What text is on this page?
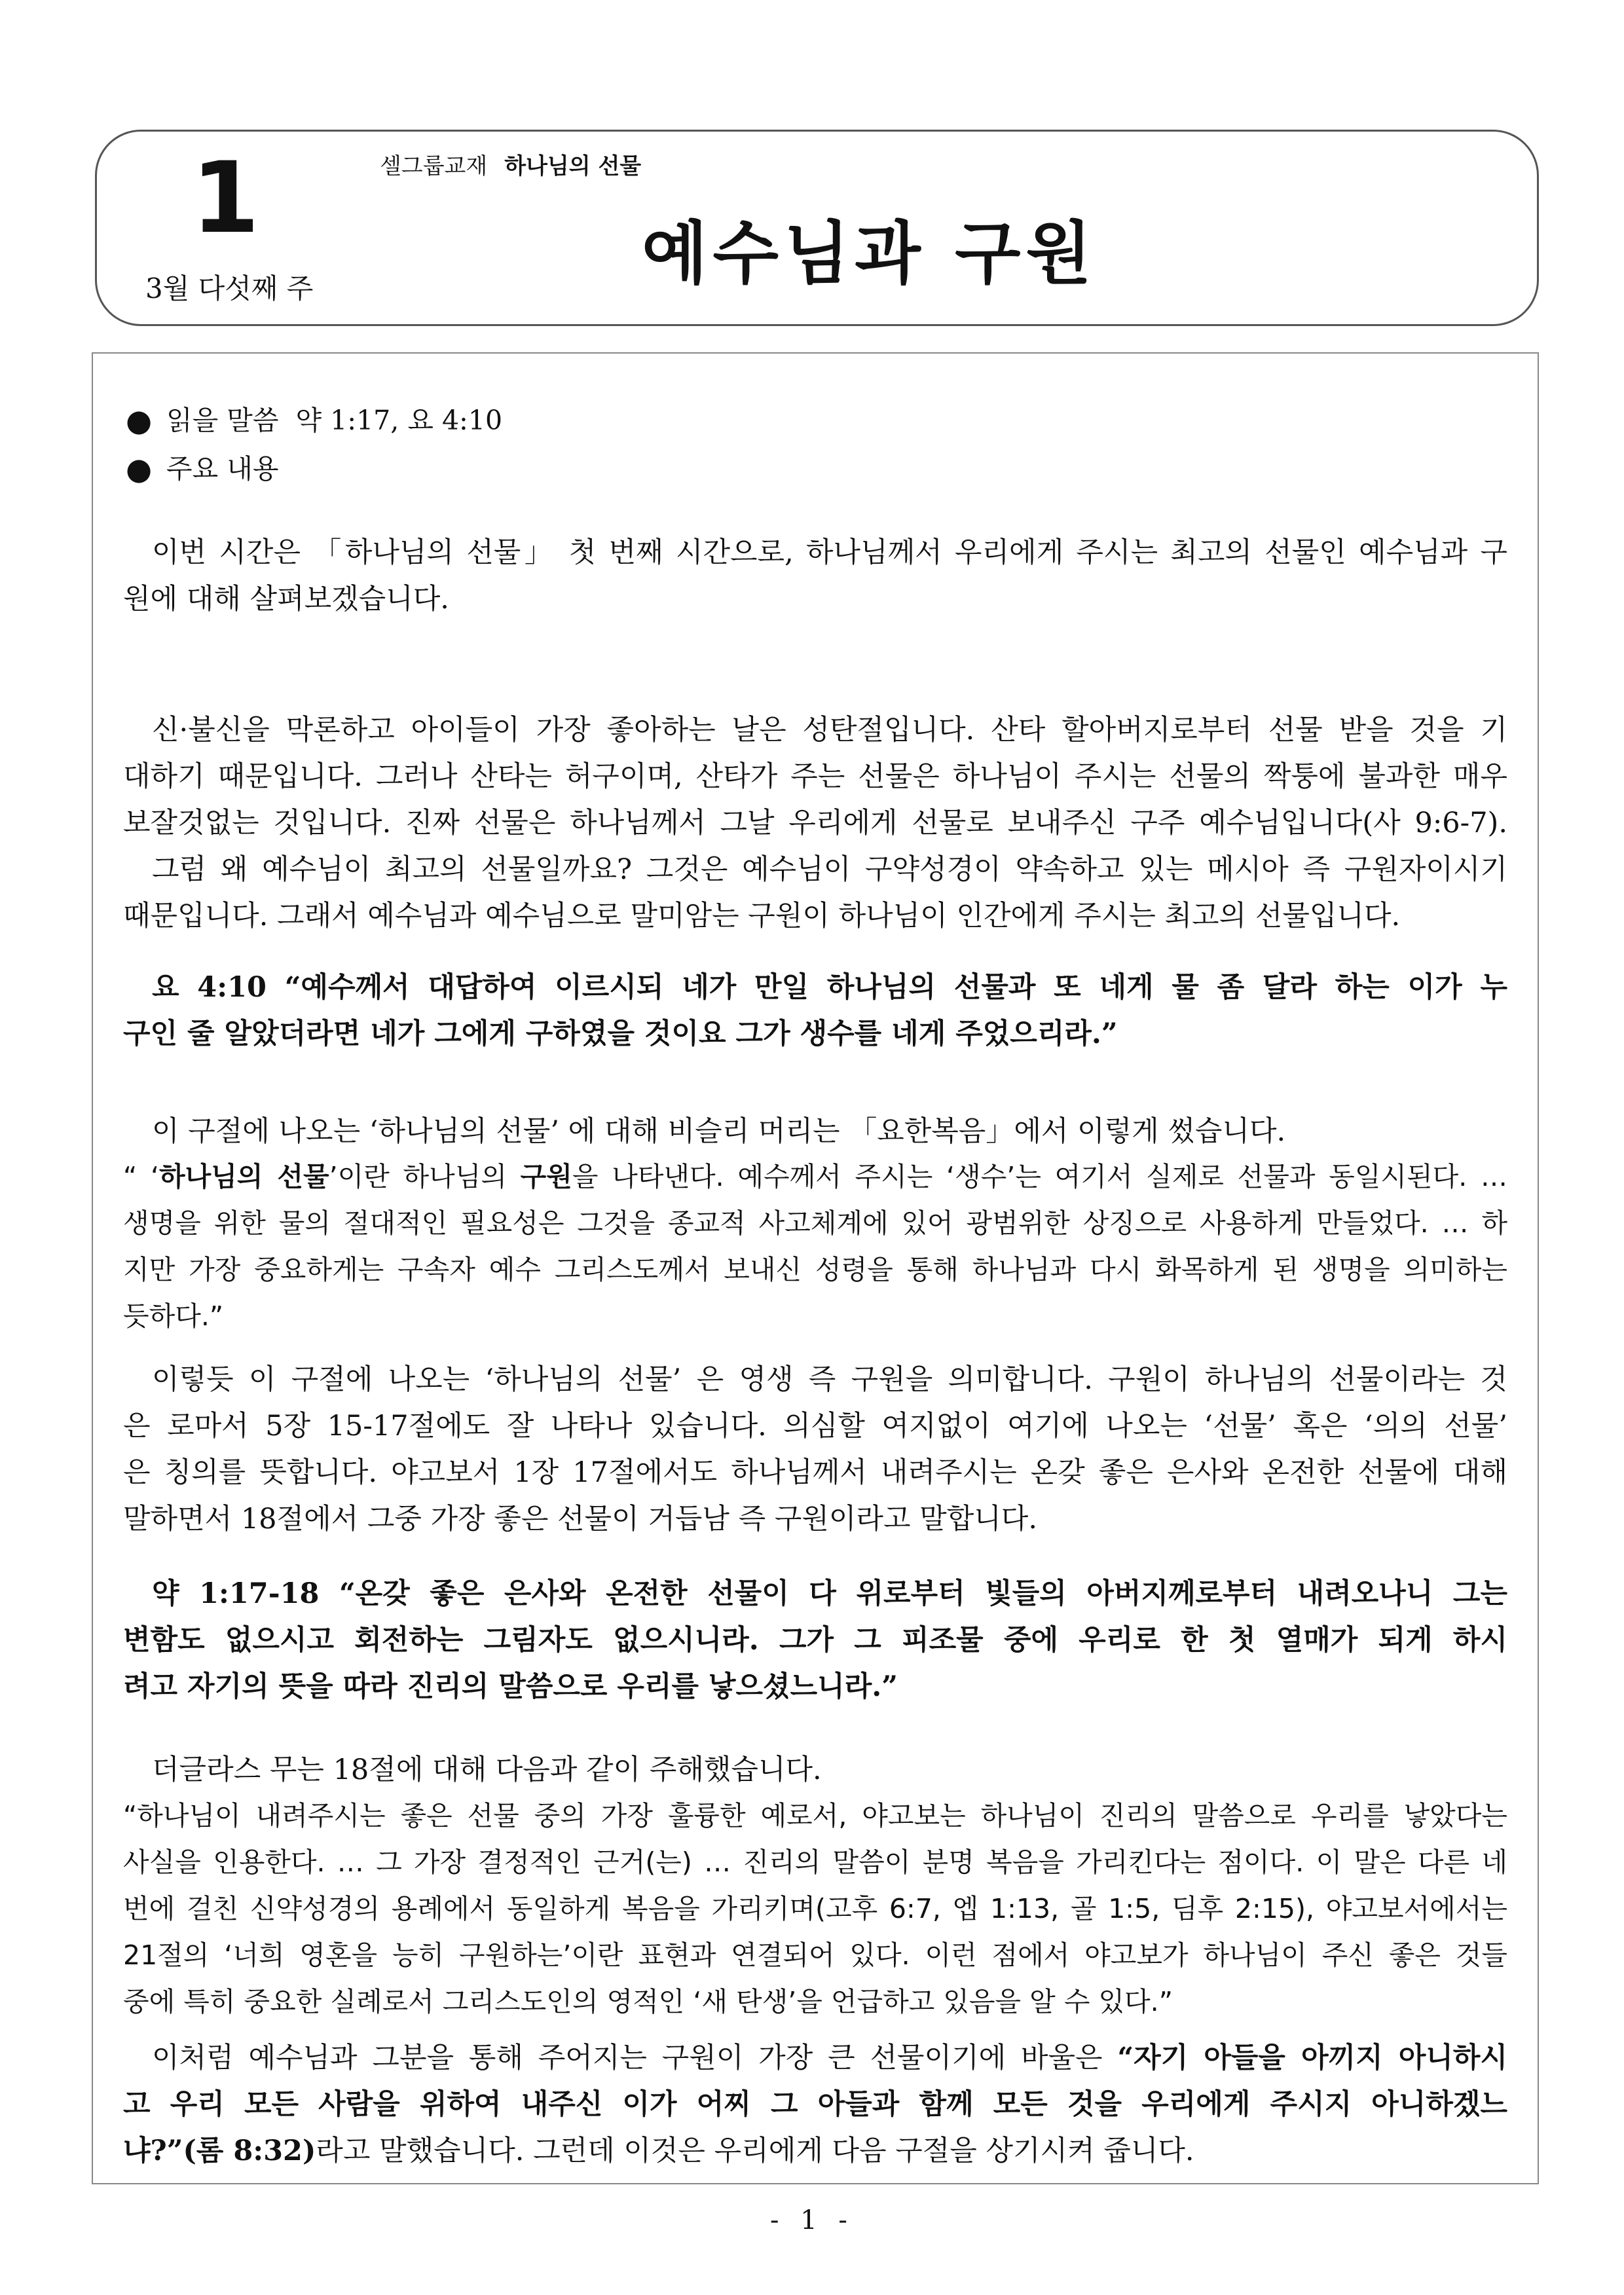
1
3월 다섯째 주
셀그룹교재 하나님의 선물
예수님과 구원
● 읽을 말씀 약 1:17, 요 4:10
● 주요 내용
이번 시간은 「하나님의 선물」 첫 번째 시간으로, 하나님께서 우리에게 주시는 최고의 선물인 예수님과 구
원에 대해 살펴보겠습니다.
신·불신을 막론하고 아이들이 가장 좋아하는 날은 성탄절입니다. 산타 할아버지로부터 선물 받을 것을 기
대하기 때문입니다. 그러나 산타는 허구이며, 산타가 주는 선물은 하나님이 주시는 선물의 짝퉁에 불과한 매우
보잘것없는 것입니다. 진짜 선물은 하나님께서 그날 우리에게 선물로 보내주신 구주 예수님입니다(사 9:6-7).
그럼 왜 예수님이 최고의 선물일까요? 그것은 예수님이 구약성경이 약속하고 있는 메시아 즉 구원자이시기
때문입니다. 그래서 예수님과 예수님으로 말미암는 구원이 하나님이 인간에게 주시는 최고의 선물입니다.
요 4:10 “예수께서 대답하여 이르시되 네가 만일 하나님의 선물과 또 네게 물 좀 달라 하는 이가 누
구인 줄 알았더라면 네가 그에게 구하였을 것이요 그가 생수를 네게 주었으리라.”
이 구절에 나오는 ‘하나님의 선물’ 에 대해 비슬리 머리는 「요한복음」에서 이렇게 썼습니다.
“ ‘하나님의 선물’이란 하나님의 구원을 나타낸다. 예수께서 주시는 ‘생수’는 여기서 실제로 선물과 동일시된다. …
생명을 위한 물의 절대적인 필요성은 그것을 종교적 사고체계에 있어 광범위한 상징으로 사용하게 만들었다. … 하
지만 가장 중요하게는 구속자 예수 그리스도께서 보내신 성령을 통해 하나님과 다시 화목하게 된 생명을 의미하는
듯하다.”
이렇듯 이 구절에 나오는 ‘하나님의 선물’ 은 영생 즉 구원을 의미합니다. 구원이 하나님의 선물이라는 것
은 로마서 5장 15-17절에도 잘 나타나 있습니다. 의심할 여지없이 여기에 나오는 ‘선물’ 혹은 ‘의의 선물’
은 칭의를 뜻합니다. 야고보서 1장 17절에서도 하나님께서 내려주시는 온갖 좋은 은사와 온전한 선물에 대해
말하면서 18절에서 그중 가장 좋은 선물이 거듭남 즉 구원이라고 말합니다.
약 1:17-18 “온갖 좋은 은사와 온전한 선물이 다 위로부터 빛들의 아버지께로부터 내려오나니 그는
변함도 없으시고 회전하는 그림자도 없으시니라. 그가 그 피조물 중에 우리로 한 첫 열매가 되게 하시
려고 자기의 뜻을 따라 진리의 말씀으로 우리를 낳으셨느니라.”
더글라스 무는 18절에 대해 다음과 같이 주해했습니다.
“하나님이 내려주시는 좋은 선물 중의 가장 훌륭한 예로서, 야고보는 하나님이 진리의 말씀으로 우리를 낳았다는
사실을 인용한다. … 그 가장 결정적인 근거(는) … 진리의 말씀이 분명 복음을 가리킨다는 점이다. 이 말은 다른 네
번에 걸친 신약성경의 용례에서 동일하게 복음을 가리키며(고후 6:7, 엡 1:13, 골 1:5, 딤후 2:15), 야고보서에서는
21절의 ‘너희 영혼을 능히 구원하는’이란 표현과 연결되어 있다. 이런 점에서 야고보가 하나님이 주신 좋은 것들
중에 특히 중요한 실례로서 그리스도인의 영적인 ‘새 탄생’을 언급하고 있음을 알 수 있다.”
이처럼 예수님과 그분을 통해 주어지는 구원이 가장 큰 선물이기에 바울은 “자기 아들을 아끼지 아니하시
고 우리 모든 사람을 위하여 내주신 이가 어찌 그 아들과 함께 모든 것을 우리에게 주시지 아니하겠느
냐?”(롬 8:32)라고 말했습니다. 그런데 이것은 우리에게 다음 구절을 상기시켜 줍니다.
- 1 -
